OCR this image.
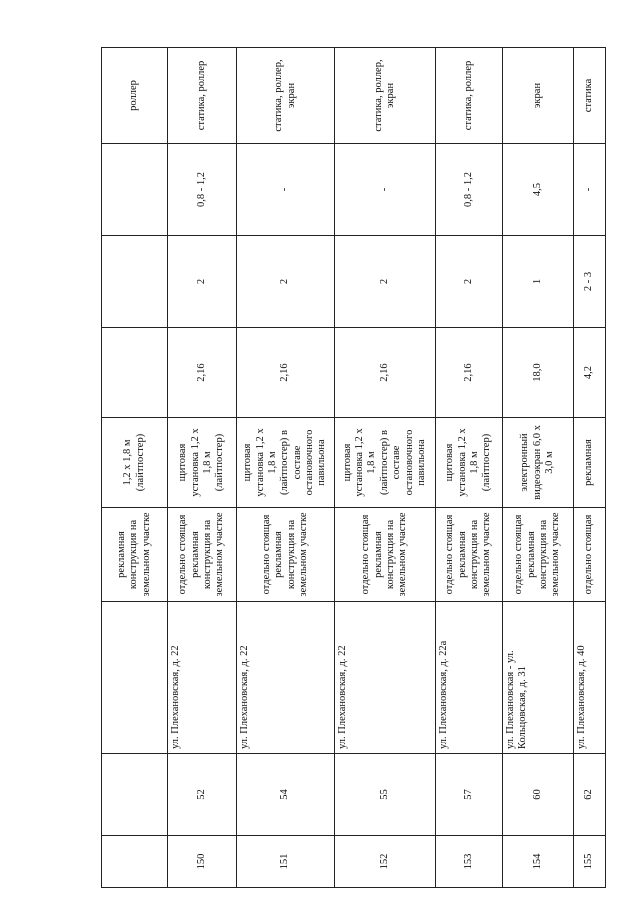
			рекламная конструкция на земельном участке	1,2 х 1,8 м (лайтпостер)				роллер
150	52	ул. Плехановская, д. 22	отдельно стоящая рекламная конструкция на земельном участке	щитовая установка 1,2 х 1,8 м (лайтпостер)	2,16	2	0,8 - 1,2	статика, роллер
151	54	ул. Плехановская, д. 22	отдельно стоящая рекламная конструкция на земельном участке	щитовая установка 1,2 х 1,8 м (лайтпостер) в составе остановочного павильона	2,16	2	-	статика, роллер, экран
152	55	ул. Плехановская, д. 22	отдельно стоящая рекламная конструкция на земельном участке	щитовая установка 1,2 х 1,8 м (лайтпостер) в составе остановочного павильона	2,16	2	-	статика, роллер, экран
153	57	ул. Плехановская, д. 22а	отдельно стоящая рекламная конструкция на земельном участке	щитовая установка 1,2 х 1,8 м (лайтпостер)	2,16	2	0,8 - 1,2	статика, роллер
154	60	ул. Плехановская - ул. Кольцовская, д. 31	отдельно стоящая рекламная конструкция на земельном участке	электронный видеоэкран 6,0 х 3,0 м	18,0	1	4,5	экран
155	62	ул. Плехановская, д. 40	отдельно стоящая	рекламная	4,2	2 - 3	-	статика
